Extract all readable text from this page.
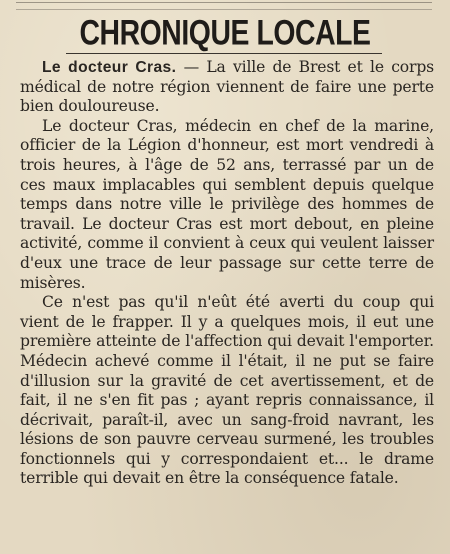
CHRONIQUE LOCALE

Le docteur Cras. — La ville de Brest et le corps médical de notre région viennent de faire une perte bien douloureuse.

Le docteur Cras, médecin en chef de la marine, officier de la Légion d'honneur, est mort vendredi à trois heures, à l'âge de 52 ans, terrassé par un de ces maux implacables qui semblent depuis quelque temps dans notre ville le privilège des hommes de travail. Le docteur Cras est mort debout, en pleine activité, comme il convient à ceux qui veulent laisser d'eux une trace de leur passage sur cette terre de misères.

Ce n'est pas qu'il n'eût été averti du coup qui vient de le frapper. Il y a quelques mois, il eut une première atteinte de l'affection qui devait l'emporter. Médecin achevé comme il l'était, il ne put se faire d'illusion sur la gravité de cet avertissement, et de fait, il ne s'en fit pas ; ayant repris connaissance, il décrivait, paraît-il, avec un sang-froid navrant, les lésions de son pauvre cerveau surmené, les troubles fonctionnels qui y correspondaient et... le drame terrible qui devait en être la conséquence fatale.
